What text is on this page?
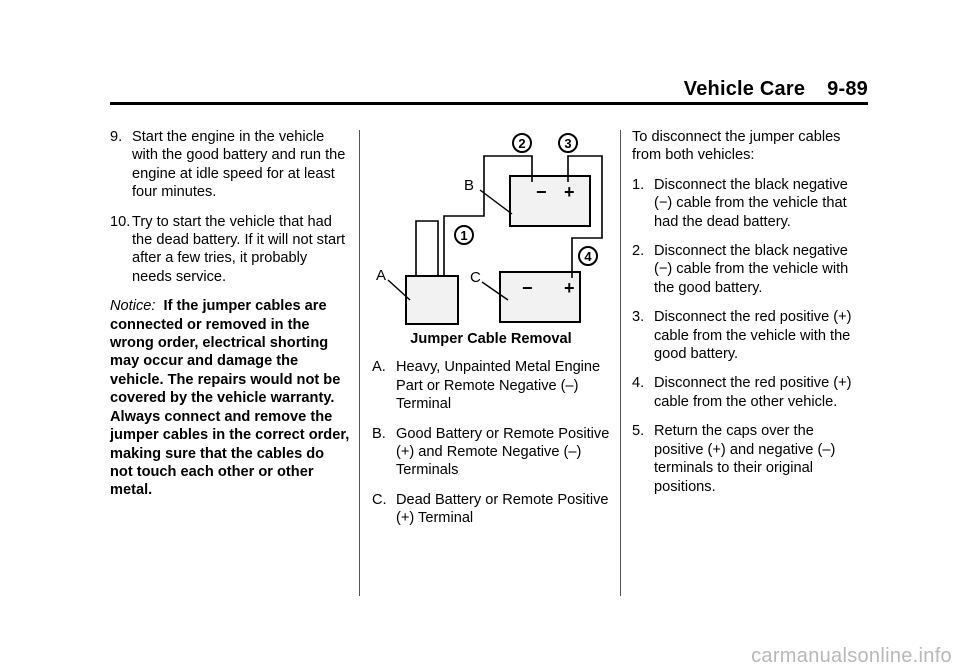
Vehicle Care 9-89
9. Start the engine in the vehicle with the good battery and run the engine at idle speed for at least four minutes.
10. Try to start the vehicle that had the dead battery. If it will not start after a few tries, it probably needs service.

Notice: If the jumper cables are connected or removed in the wrong order, electrical shorting may occur and damage the vehicle. The repairs would not be covered by the vehicle warranty. Always connect and remove the jumper cables in the correct order, making sure that the cables do not touch each other or other metal.

− +
− +
B
A	C
1
2	3
4
Jumper Cable Removal
A. Heavy, Unpainted Metal Engine Part or Remote Negative (–) Terminal
B. Good Battery or Remote Positive (+) and Remote Negative (–) Terminals
C. Dead Battery or Remote Positive (+) Terminal

To disconnect the jumper cables from both vehicles:

1. Disconnect the black negative (−) cable from the vehicle that had the dead battery.
2. Disconnect the black negative (−) cable from the vehicle with the good battery.
3. Disconnect the red positive (+) cable from the vehicle with the good battery.
4. Disconnect the red positive (+) cable from the other vehicle.
5. Return the caps over the positive (+) and negative (–) terminals to their original positions.
carmanualsonline.info
